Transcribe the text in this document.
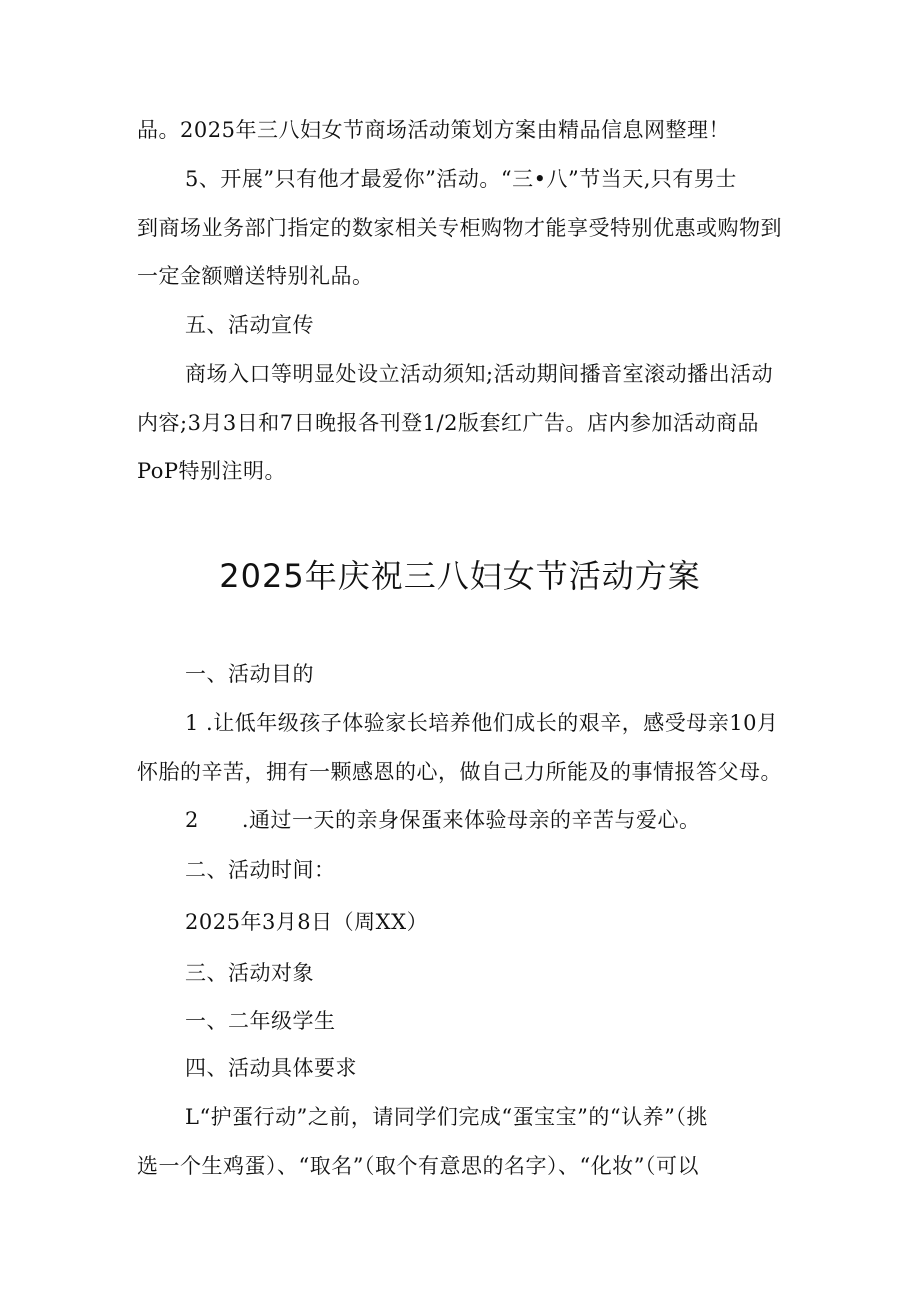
品。2025年三八妇女节商场活动策划方案由精品信息网整理！
5、开展”只有他才最爱你”活动。“三•八”节当天,只有男士
到商场业务部门指定的数家相关专柜购物才能享受特别优惠或购物到
一定金额赠送特别礼品。
五、活动宣传
商场入口等明显处设立活动须知;活动期间播音室滚动播出活动
内容;3月3日和7日晚报各刊登1/2版套红广告。店内参加活动商品
PoP特别注明。
2025年庆祝三八妇女节活动方案
一、活动目的
1 .让低年级孩子体验家长培养他们成长的艰辛，感受母亲10月
怀胎的辛苦，拥有一颗感恩的心，做自己力所能及的事情报答父母。
2　　.通过一天的亲身保蛋来体验母亲的辛苦与爱心。
二、活动时间：
2025年3月8日（周XX）
三、活动对象
一、二年级学生
四、活动具体要求
L“护蛋行动”之前，请同学们完成“蛋宝宝”的“认养”（挑
选一个生鸡蛋）、“取名”（取个有意思的名字）、“化妆”（可以
